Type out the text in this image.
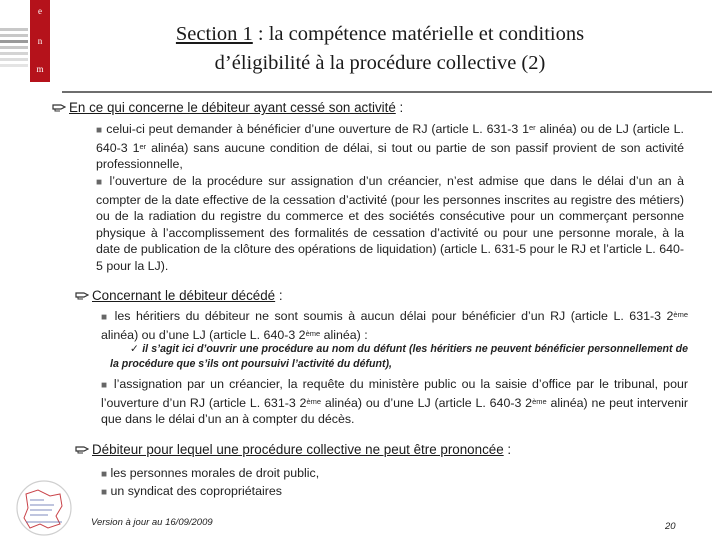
e
n
m
Section 1 : la compétence matérielle et conditions
d’éligibilité à la procédure collective (2)
En ce qui concerne le débiteur ayant cessé son activité :
■ celui-ci peut demander à bénéficier d’une ouverture de RJ (article L. 631-3 1er alinéa) ou de LJ (article L. 640-3 1er alinéa) sans aucune condition de délai, si tout ou partie de son passif provient de son activité professionnelle,
■ l’ouverture de la procédure sur assignation d’un créancier, n’est admise que dans le délai d’un an à compter de la date effective de la cessation d’activité (pour les personnes inscrites au registre des métiers) ou de la radiation du registre du commerce et des sociétés consécutive pour un commerçant personne physique à l’accomplissement des formalités de cessation d’activité ou pour une personne morale, à la date de publication de la clôture des opérations de liquidation) (article L. 631-5 pour le RJ et l’article L. 640-5 pour la LJ).
Concernant le débiteur décédé :
■ les héritiers du débiteur ne sont soumis à aucun délai pour bénéficier d’un RJ (article L. 631-3 2ème alinéa) ou d’une LJ (article L. 640-3 2ème alinéa) :
✓ il s’agit ici d’ouvrir une procédure au nom du défunt (les héritiers ne peuvent bénéficier personnellement de la procédure que s’ils ont poursuivi l’activité du défunt),
■ l’assignation par un créancier, la requête du ministère public ou la saisie d’office par le tribunal, pour l’ouverture d’un RJ (article L. 631-3 2ème alinéa) ou d’une LJ (article L. 640-3 2ème alinéa) ne peut intervenir que dans le délai d’un an à compter du décès.
Débiteur pour lequel une procédure collective ne peut être prononcée :
■ les personnes morales de droit public,
■ un syndicat des copropriétaires
Version à jour au 16/09/2009	20
